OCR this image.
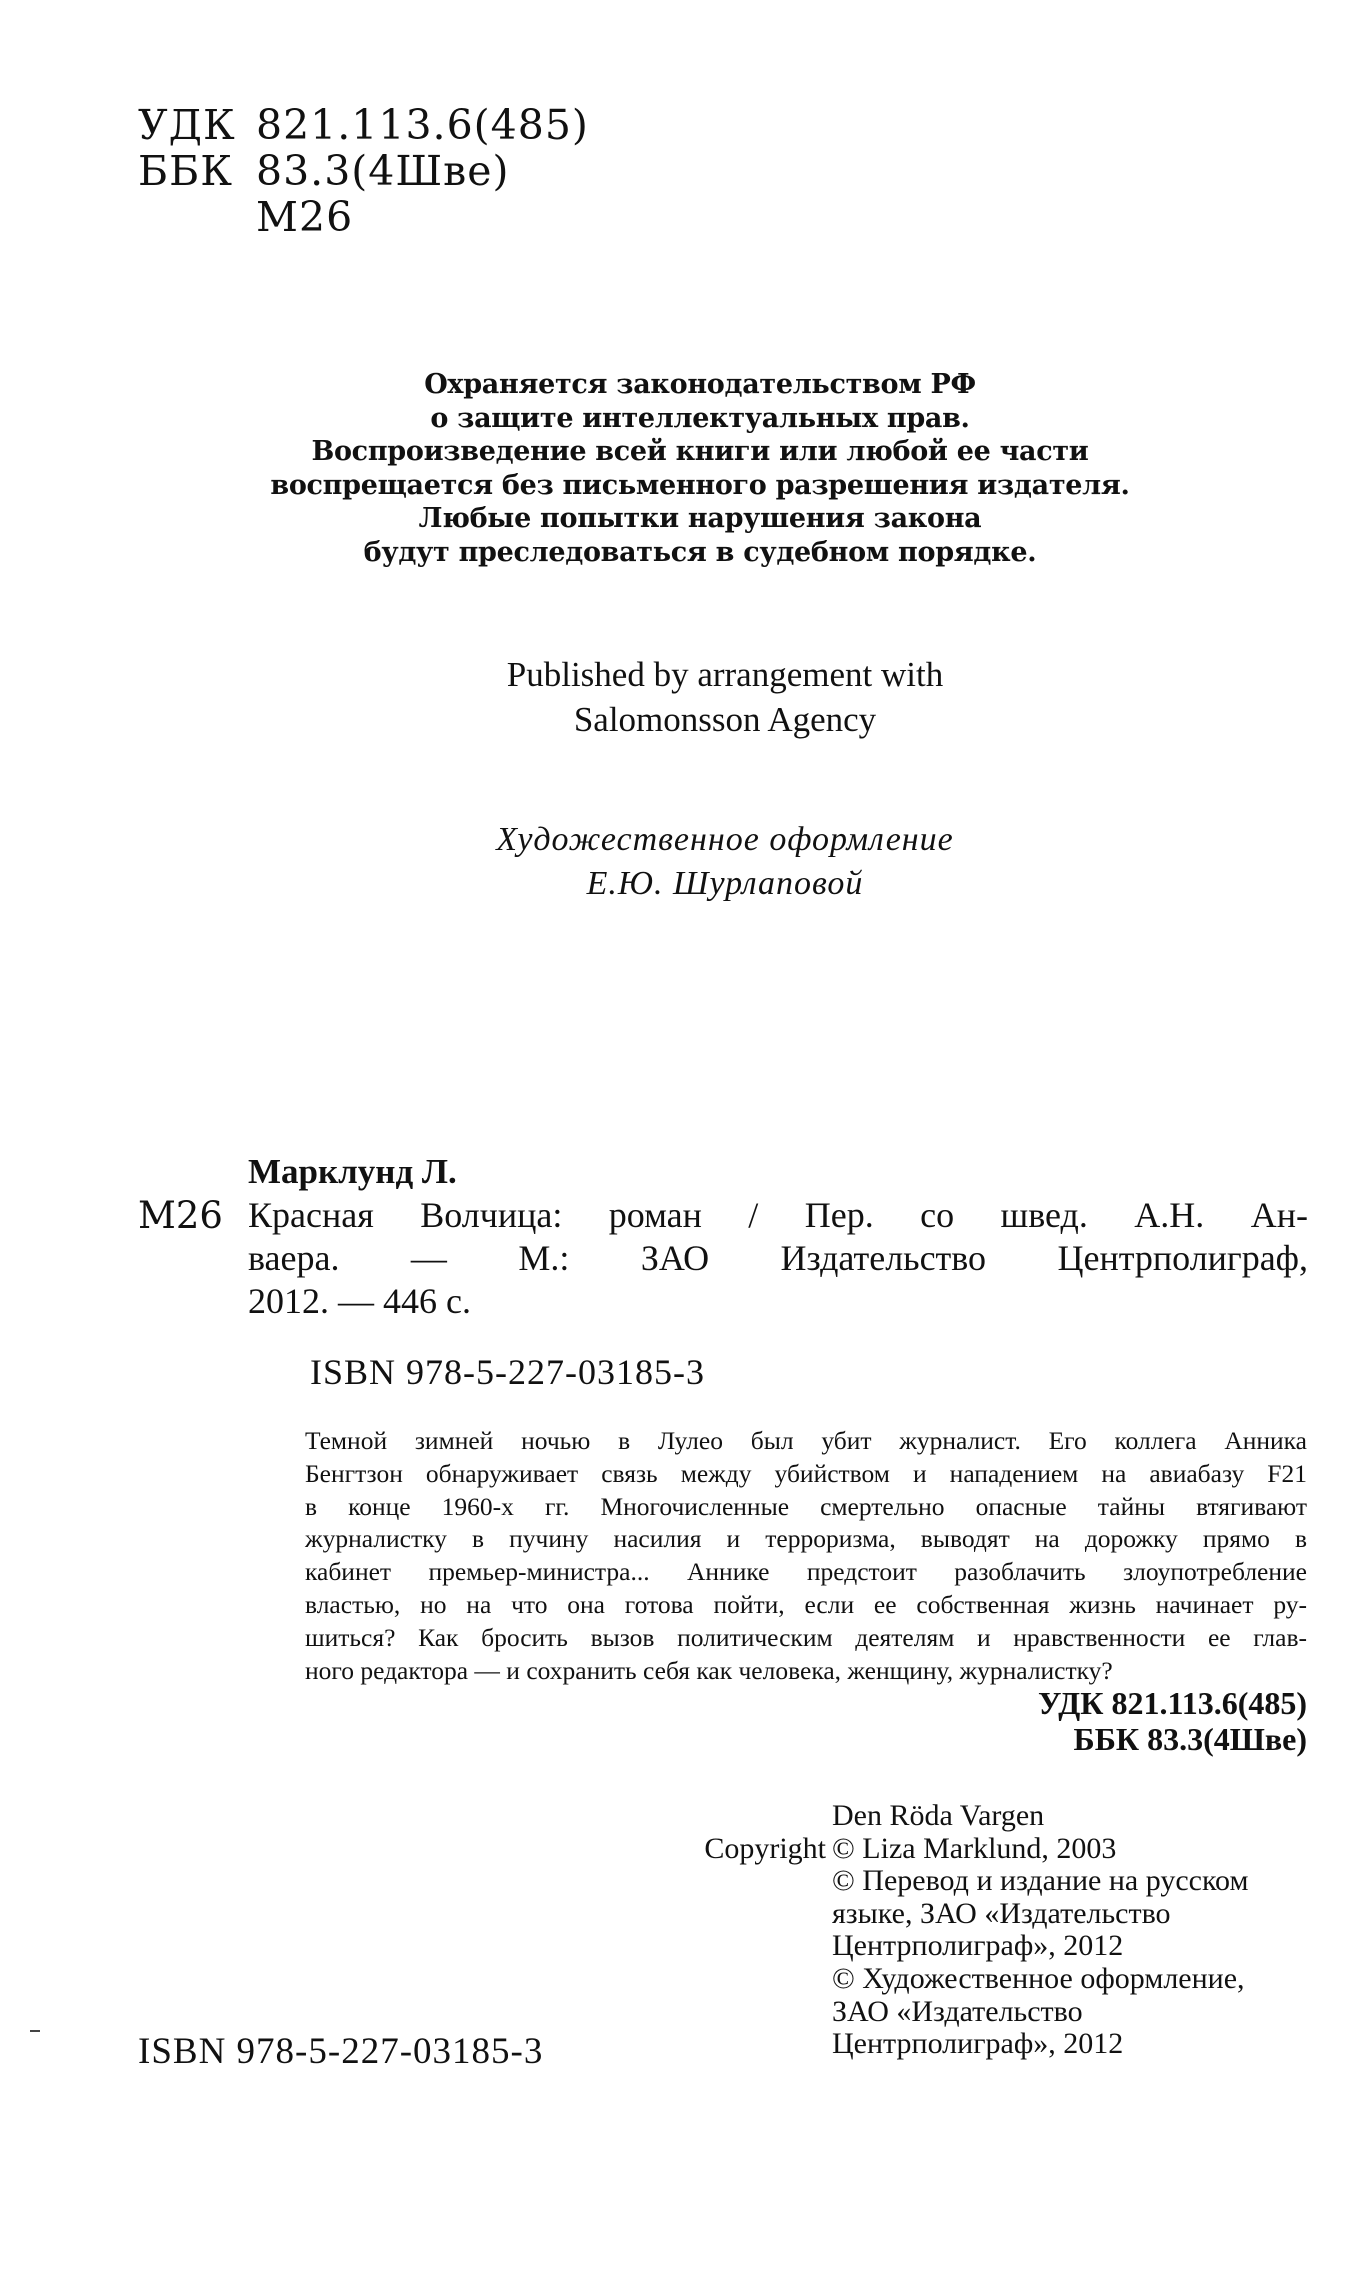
УДК 821.113.6(485)
ББК 83.3(4Шве)
М26
Охраняется законодательством РФ
о защите интеллектуальных прав.
Воспроизведение всей книги или любой ее части
воспрещается без письменного разрешения издателя.
Любые попытки нарушения закона
будут преследоваться в судебном порядке.
Published by arrangement with
Salomonsson Agency
Художественное оформление
Е.Ю. Шурлаповой
Марклунд Л.
М26 Красная Волчица: роман / Пер. со швед. А.Н. Ан-
ваера. — М.: ЗАО Издательство Центрполиграф,
2012. — 446 с.
ISBN 978-5-227-03185-3
Темной зимней ночью в Лулео был убит журналист. Его коллега Анника
Бенгтзон обнаруживает связь между убийством и нападением на авиабазу F21
в конце 1960-х гг. Многочисленные смертельно опасные тайны втягивают
журналистку в пучину насилия и терроризма, выводят на дорожку прямо в
кабинет премьер-министра... Аннике предстоит разоблачить злоупотребление
властью, но на что она готова пойти, если ее собственная жизнь начинает ру-
шиться? Как бросить вызов политическим деятелям и нравственности ее глав-
ного редактора — и сохранить себя как человека, женщину, журналистку?
УДК 821.113.6(485)
ББК 83.3(4Шве)
Den Röda Vargen
Copyright © Liza Marklund, 2003
© Перевод и издание на русском
языке, ЗАО «Издательство
Центрполиграф», 2012
© Художественное оформление,
ЗАО «Издательство
Центрполиграф», 2012
ISBN 978-5-227-03185-3
